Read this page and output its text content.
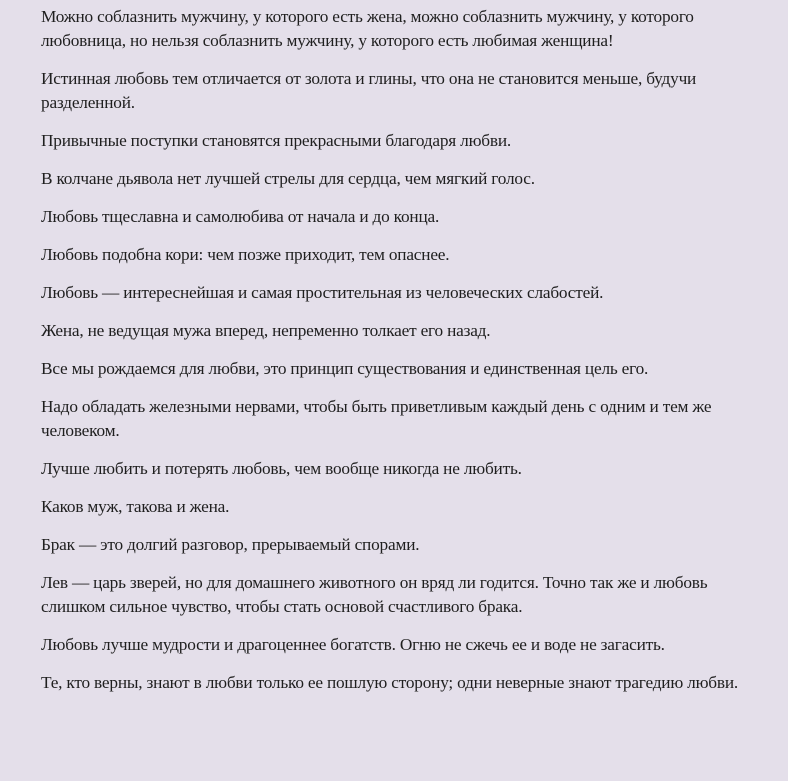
Можно соблазнить мужчину, у которого есть жена, можно соблазнить мужчину, у которого любовница, но нельзя соблазнить мужчину, у которого есть любимая женщина!

Истинная любовь тем отличается от золота и глины, что она не становится меньше, будучи разделенной.

Привычные поступки становятся прекрасными благодаря любви.

В колчане дьявола нет лучшей стрелы для сердца, чем мягкий голос.

Любовь тщеславна и самолюбива от начала и до конца.

Любовь подобна кори: чем позже приходит, тем опаснее.

Любовь — интереснейшая и самая простительная из человеческих слабостей.

Жена, не ведущая мужа вперед, непременно толкает его назад.

Все мы рождаемся для любви, это принцип существования и единственная цель его.

Надо обладать железными нервами, чтобы быть приветливым каждый день с одним и тем же человеком.

Лучше любить и потерять любовь, чем вообще никогда не любить.

Каков муж, такова и жена.

Брак — это долгий разговор, прерываемый спорами.

Лев — царь зверей, но для домашнего животного он вряд ли годится. Точно так же и любовь слишком сильное чувство, чтобы стать основой счастливого брака.

Любовь лучше мудрости и драгоценнее богатств. Огню не сжечь ее и воде не загасить.

Те, кто верны, знают в любви только ее пошлую сторону; одни неверные знают трагедию любви.
